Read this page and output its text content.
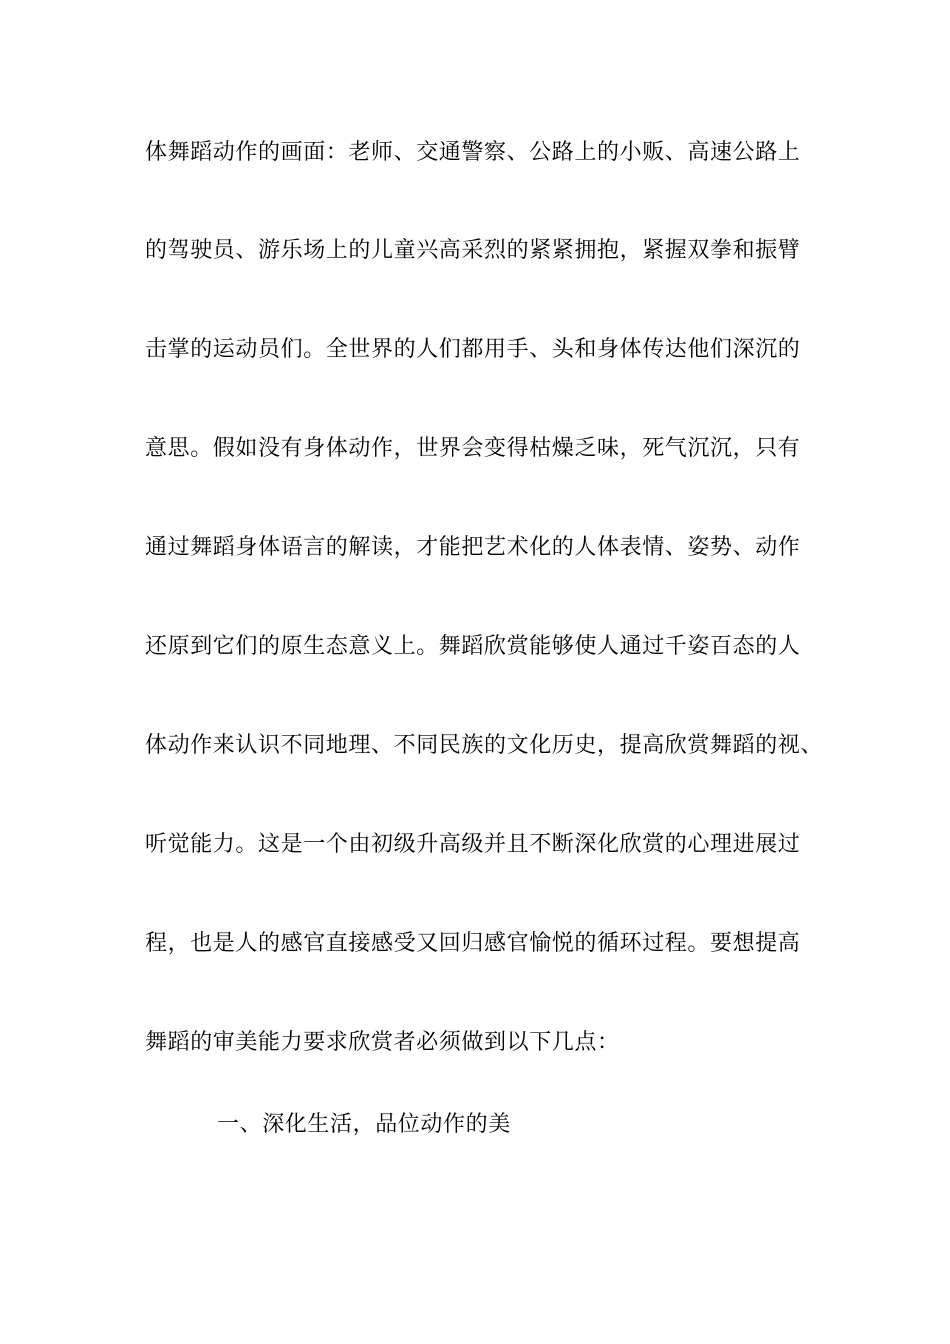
体舞蹈动作的画面：老师、交通警察、公路上的小贩、高速公路上
的驾驶员、游乐场上的儿童兴高采烈的紧紧拥抱，紧握双拳和振臂
击掌的运动员们。全世界的人们都用手、头和身体传达他们深沉的
意思。假如没有身体动作，世界会变得枯燥乏味，死气沉沉，只有
通过舞蹈身体语言的解读，才能把艺术化的人体表情、姿势、动作
还原到它们的原生态意义上。舞蹈欣赏能够使人通过千姿百态的人
体动作来认识不同地理、不同民族的文化历史，提高欣赏舞蹈的视、
听觉能力。这是一个由初级升高级并且不断深化欣赏的心理进展过
程，也是人的感官直接感受又回归感官愉悦的循环过程。要想提高
舞蹈的审美能力要求欣赏者必须做到以下几点：
一、深化生活，品位动作的美
